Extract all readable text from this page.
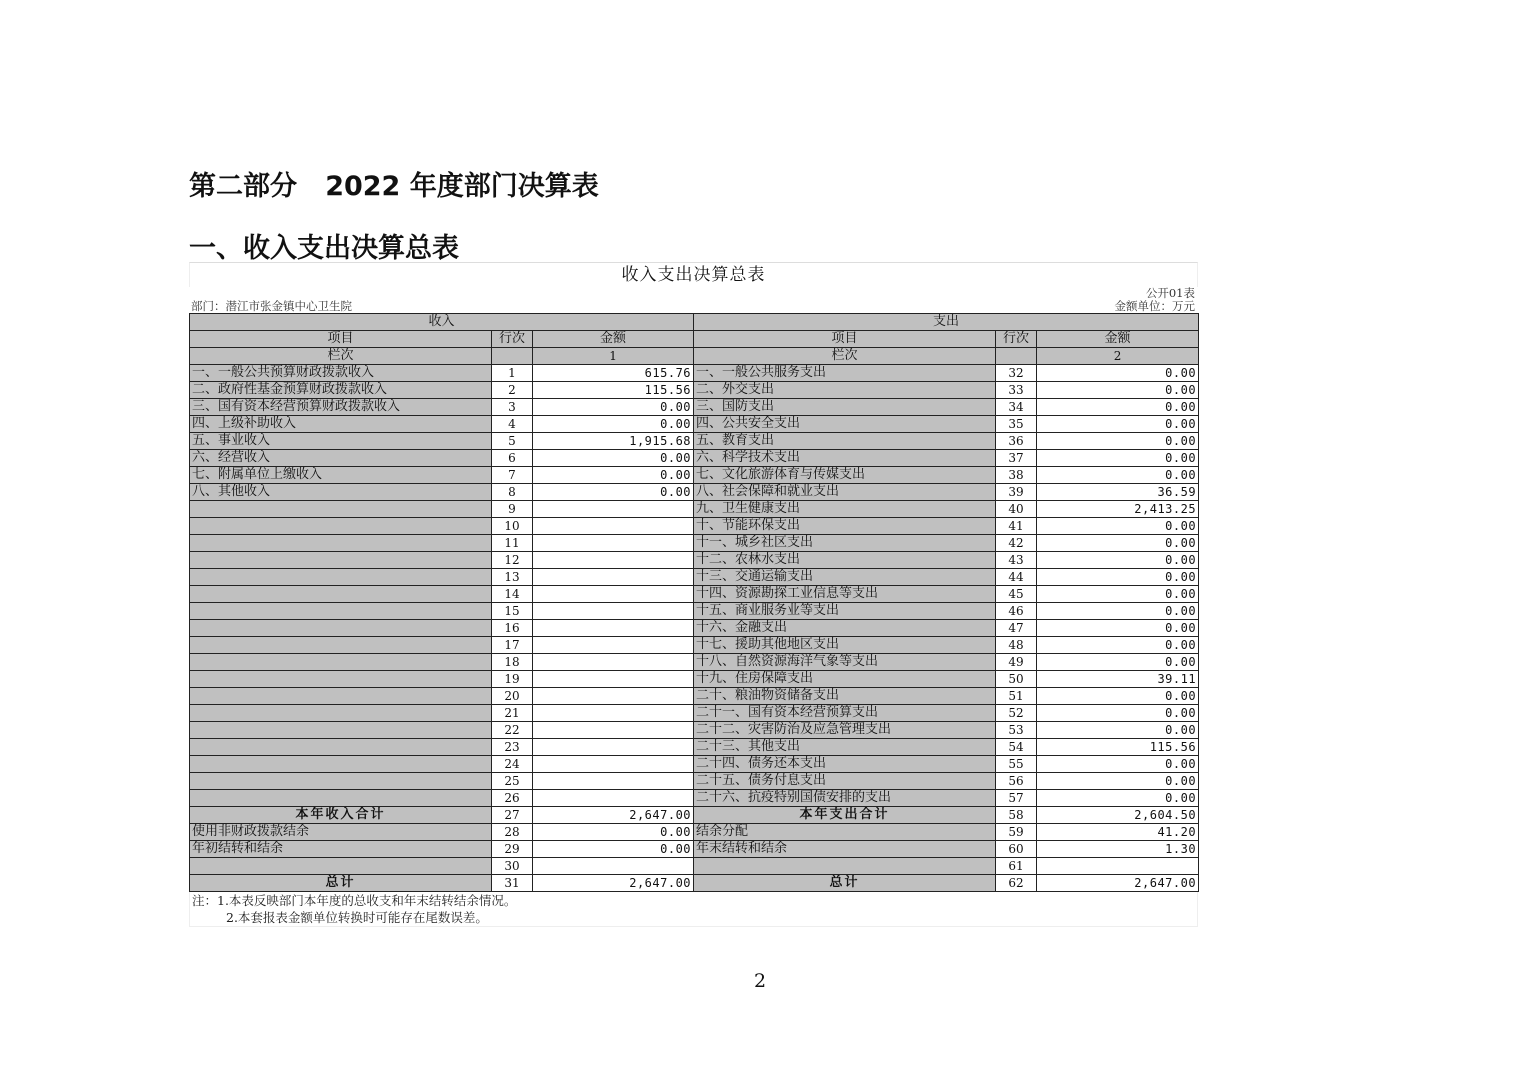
第二部分   2022 年度部门决算表
一、收入支出决算总表
收入支出决算总表
公开01表
部门：潜江市张金镇中心卫生院	金额单位：万元
收入			支出		
项目	行次	金额	项目	行次	金额
栏次		1	栏次		2
一、一般公共预算财政拨款收入	1	615.76	一、一般公共服务支出	32	0.00
二、政府性基金预算财政拨款收入	2	115.56	二、外交支出	33	0.00
三、国有资本经营预算财政拨款收入	3	0.00	三、国防支出	34	0.00
四、上级补助收入	4	0.00	四、公共安全支出	35	0.00
五、事业收入	5	1,915.68	五、教育支出	36	0.00
六、经营收入	6	0.00	六、科学技术支出	37	0.00
七、附属单位上缴收入	7	0.00	七、文化旅游体育与传媒支出	38	0.00
八、其他收入	8	0.00	八、社会保障和就业支出	39	36.59
	9		九、卫生健康支出	40	2,413.25
	10		十、节能环保支出	41	0.00
	11		十一、城乡社区支出	42	0.00
	12		十二、农林水支出	43	0.00
	13		十三、交通运输支出	44	0.00
	14		十四、资源勘探工业信息等支出	45	0.00
	15		十五、商业服务业等支出	46	0.00
	16		十六、金融支出	47	0.00
	17		十七、援助其他地区支出	48	0.00
	18		十八、自然资源海洋气象等支出	49	0.00
	19		十九、住房保障支出	50	39.11
	20		二十、粮油物资储备支出	51	0.00
	21		二十一、国有资本经营预算支出	52	0.00
	22		二十二、灾害防治及应急管理支出	53	0.00
	23		二十三、其他支出	54	115.56
	24		二十四、债务还本支出	55	0.00
	25		二十五、债务付息支出	56	0.00
	26		二十六、抗疫特别国债安排的支出	57	0.00
本年收入合计	27	2,647.00	本年支出合计	58	2,604.50
使用非财政拨款结余	28	0.00	结余分配	59	41.20
年初结转和结余	29	0.00	年末结转和结余	60	1.30
	30			61	
总计	31	2,647.00	总计	62	2,647.00
注：1.本表反映部门本年度的总收支和年末结转结余情况。
2.本套报表金额单位转换时可能存在尾数误差。
2
